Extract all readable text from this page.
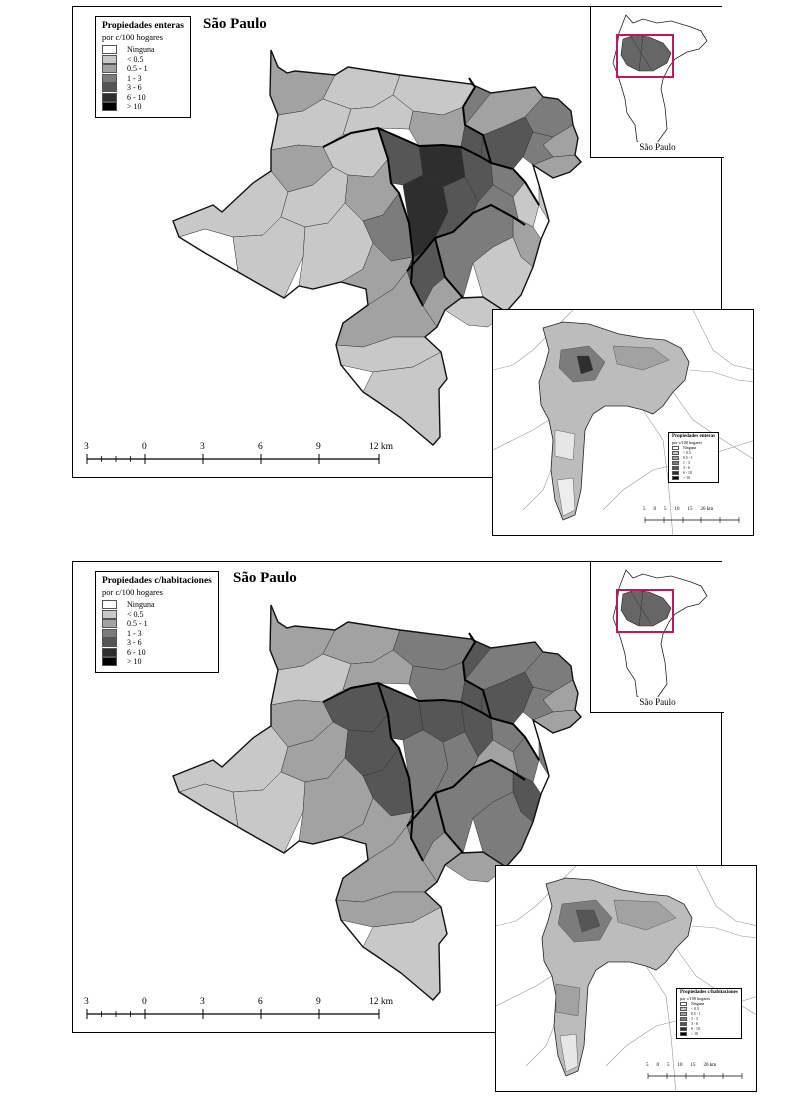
Propiedades enteras
por c/100 hogares
Ninguna
< 0.5
0.5 - 1
1 - 3
3 - 6
6 - 10
> 10
São Paulo
3	0	3	6	9	12 km
São Paulo
Propiedades c/habitaciones
por c/100 hogares
Ninguna
< 0.5
0.5 - 1
1 - 3
3 - 6
6 - 10
> 10
São Paulo
3	0	3	6	9	12 km
São Paulo
Propiedades enteras
por c/100 hogares
Ninguna
< 0.5
0.5 - 1
1 - 3
3 - 6
6 - 10
> 10
5 0 5 10 15 20 km
Propiedades c/habitaciones
por c/100 hogares
Ninguna
< 0.5
0.5 - 1
1 - 3
3 - 6
6 - 10
> 10
5 0 5 10 15 20 km
